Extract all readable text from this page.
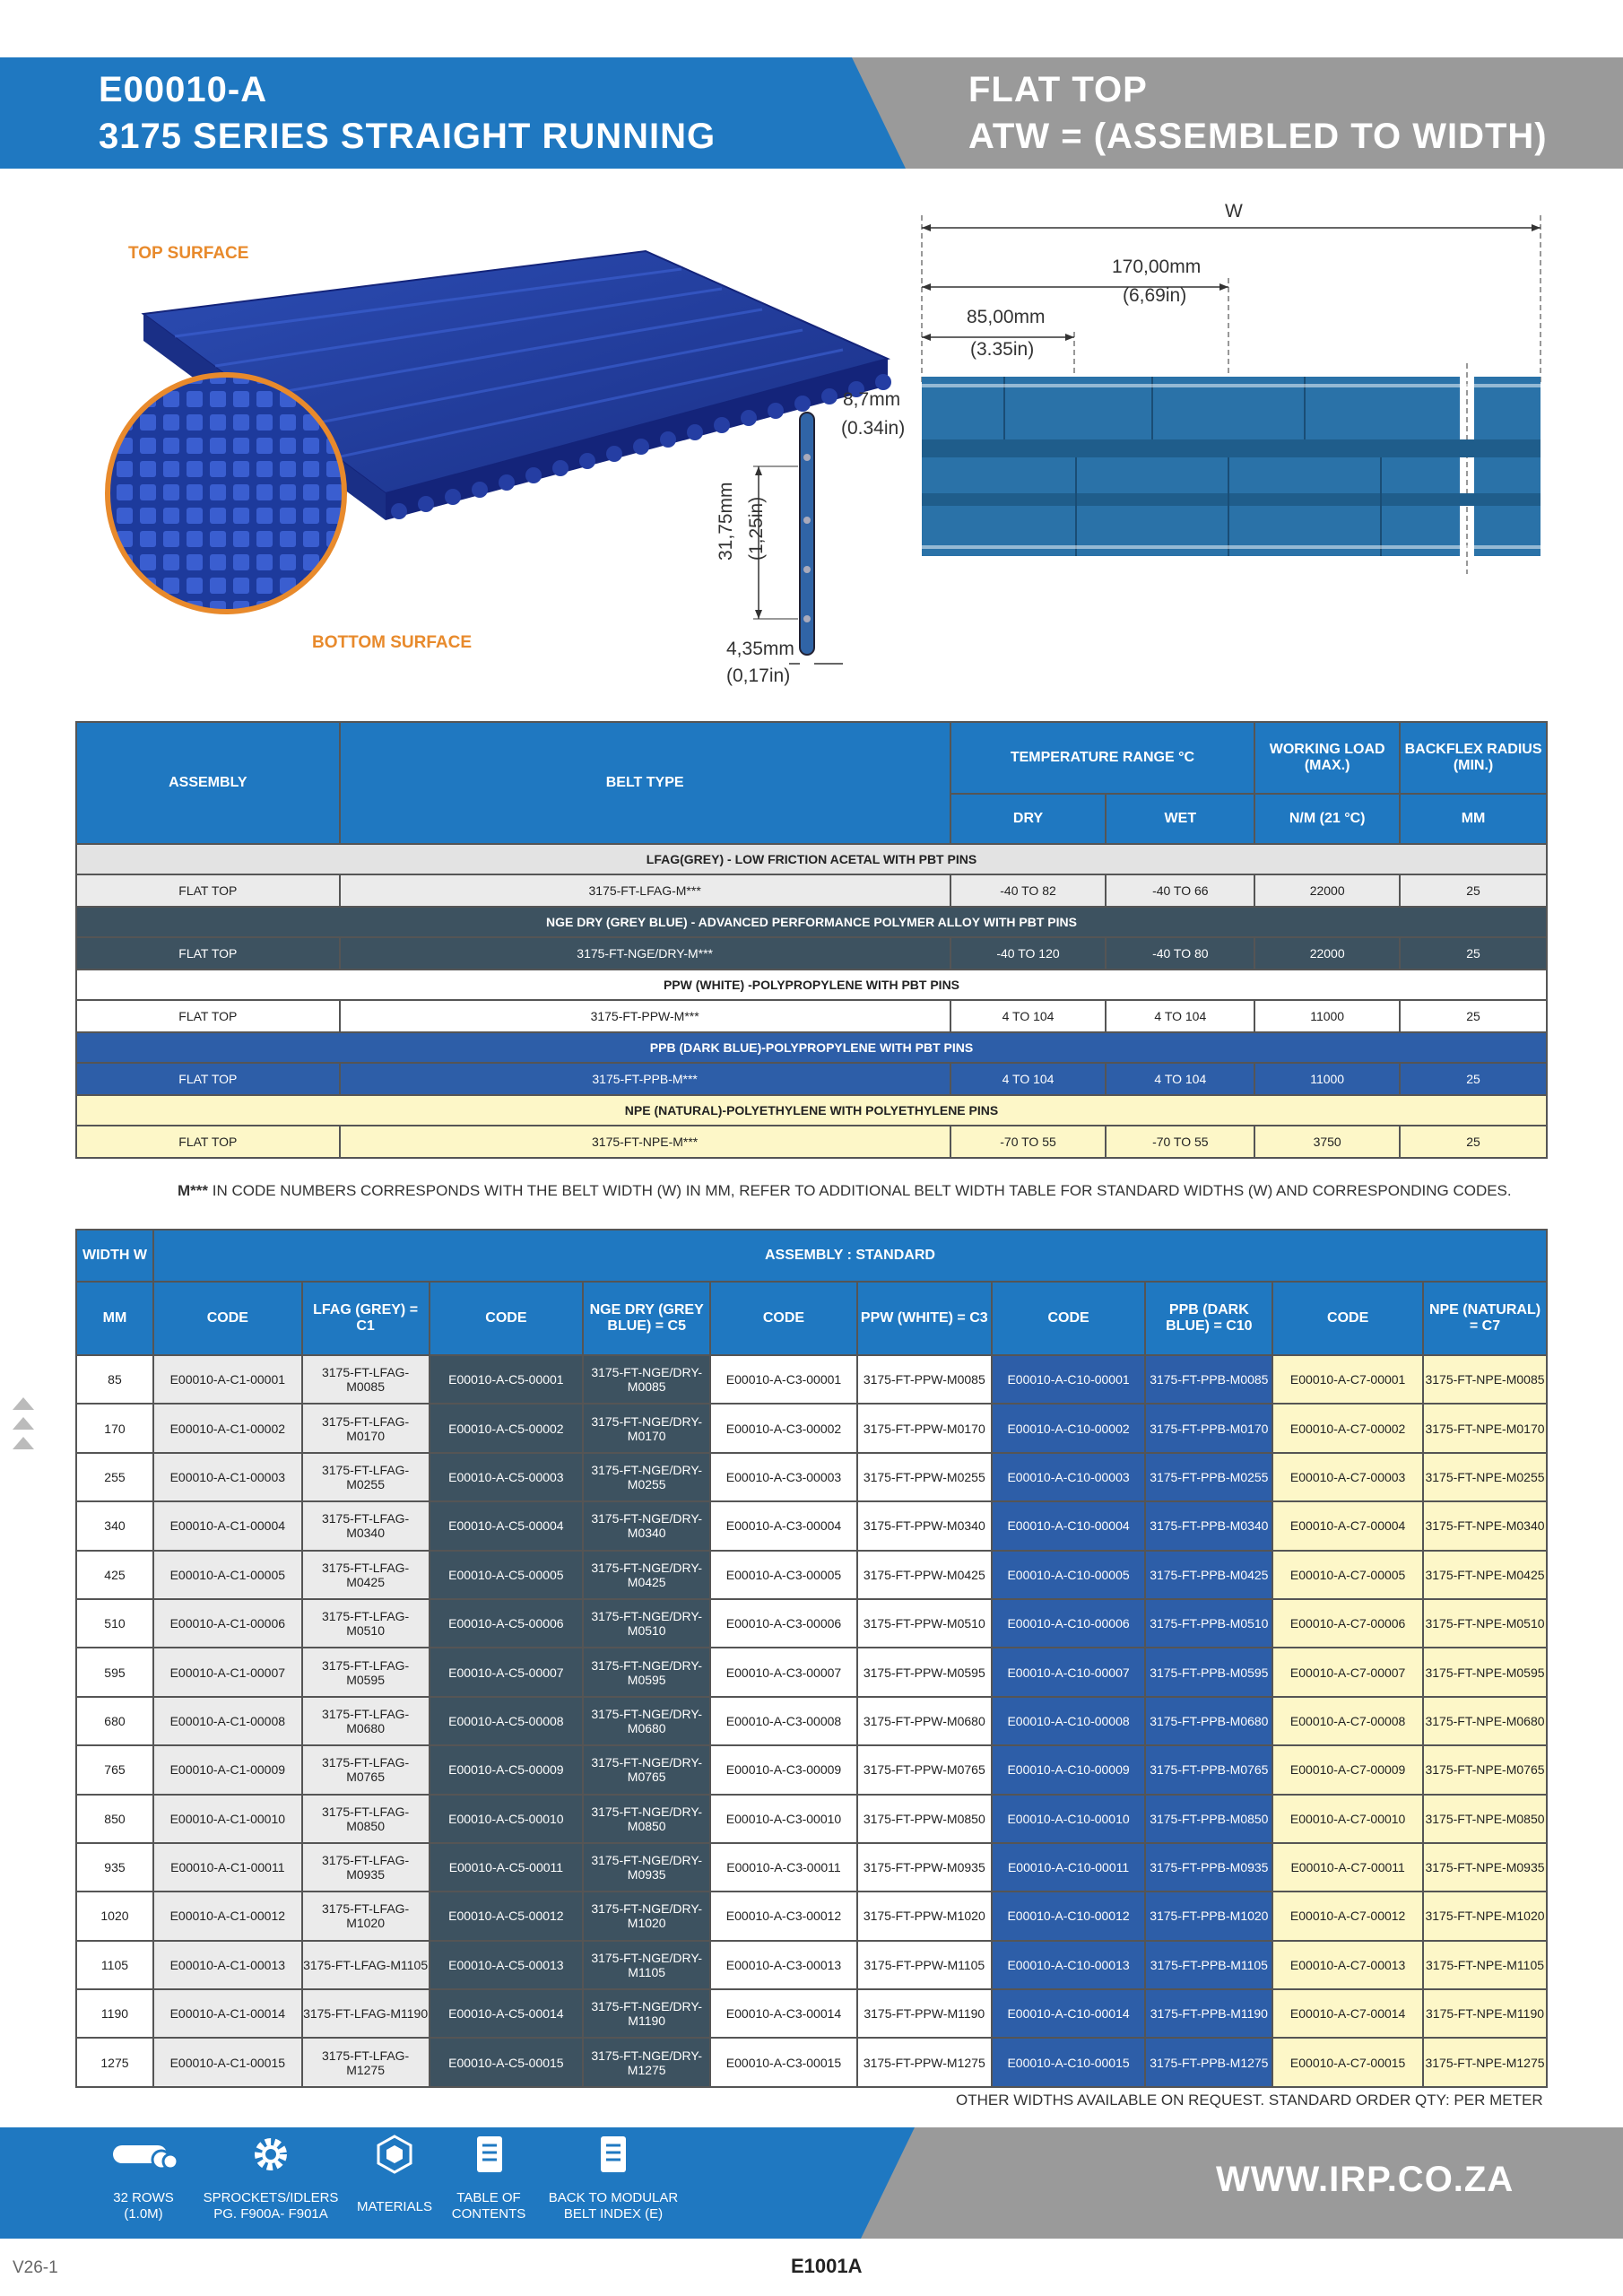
E00010-A
3175 SERIES STRAIGHT RUNNING
FLAT TOP
ATW = (ASSEMBLED TO WIDTH)
TOP SURFACE
BOTTOM SURFACE
8,7mm
(0.34in)
31,75mm (1,25in)
4,35mm
(0,17in)
W
170,00mm
(6,69in)
85,00mm
(3.35in)
ASSEMBLY	BELT TYPE	TEMPERATURE RANGE °C		WORKING LOAD (MAX.)	BACKFLEX RADIUS (MIN.)
		DRY	WET	N/M (21 °C)	MM
LFAG(GREY) - LOW FRICTION ACETAL WITH PBT PINS					
FLAT TOP	3175-FT-LFAG-M***	-40 TO 82	-40 TO 66	22000	25
NGE DRY (GREY BLUE) - ADVANCED PERFORMANCE POLYMER ALLOY WITH PBT PINS					
FLAT TOP	3175-FT-NGE/DRY-M***	-40 TO 120	-40 TO 80	22000	25
PPW (WHITE) -POLYPROPYLENE WITH PBT PINS					
FLAT TOP	3175-FT-PPW-M***	4 TO 104	4 TO 104	11000	25
PPB (DARK BLUE)-POLYPROPYLENE WITH PBT PINS					
FLAT TOP	3175-FT-PPB-M***	4 TO 104	4 TO 104	11000	25
NPE (NATURAL)-POLYETHYLENE WITH POLYETHYLENE PINS					
FLAT TOP	3175-FT-NPE-M***	-70 TO 55	-70 TO 55	3750	25
M*** IN CODE NUMBERS CORRESPONDS WITH THE BELT WIDTH (W) IN MM, REFER TO ADDITIONAL BELT WIDTH TABLE FOR STANDARD WIDTHS (W) AND CORRESPONDING CODES.
WIDTH W	ASSEMBLY : STANDARD									
MM	CODE	LFAG (GREY) = C1	CODE	NGE DRY (GREY BLUE) = C5	CODE	PPW (WHITE) = C3	CODE	PPB (DARK BLUE) = C10	CODE	NPE (NATURAL) = C7
85	E00010-A-C1-00001	3175-FT-LFAG-M0085	E00010-A-C5-00001	3175-FT-NGE/DRY-M0085	E00010-A-C3-00001	3175-FT-PPW-M0085	E00010-A-C10-00001	3175-FT-PPB-M0085	E00010-A-C7-00001	3175-FT-NPE-M0085
170	E00010-A-C1-00002	3175-FT-LFAG-M0170	E00010-A-C5-00002	3175-FT-NGE/DRY-M0170	E00010-A-C3-00002	3175-FT-PPW-M0170	E00010-A-C10-00002	3175-FT-PPB-M0170	E00010-A-C7-00002	3175-FT-NPE-M0170
255	E00010-A-C1-00003	3175-FT-LFAG-M0255	E00010-A-C5-00003	3175-FT-NGE/DRY-M0255	E00010-A-C3-00003	3175-FT-PPW-M0255	E00010-A-C10-00003	3175-FT-PPB-M0255	E00010-A-C7-00003	3175-FT-NPE-M0255
340	E00010-A-C1-00004	3175-FT-LFAG-M0340	E00010-A-C5-00004	3175-FT-NGE/DRY-M0340	E00010-A-C3-00004	3175-FT-PPW-M0340	E00010-A-C10-00004	3175-FT-PPB-M0340	E00010-A-C7-00004	3175-FT-NPE-M0340
425	E00010-A-C1-00005	3175-FT-LFAG-M0425	E00010-A-C5-00005	3175-FT-NGE/DRY-M0425	E00010-A-C3-00005	3175-FT-PPW-M0425	E00010-A-C10-00005	3175-FT-PPB-M0425	E00010-A-C7-00005	3175-FT-NPE-M0425
510	E00010-A-C1-00006	3175-FT-LFAG-M0510	E00010-A-C5-00006	3175-FT-NGE/DRY-M0510	E00010-A-C3-00006	3175-FT-PPW-M0510	E00010-A-C10-00006	3175-FT-PPB-M0510	E00010-A-C7-00006	3175-FT-NPE-M0510
595	E00010-A-C1-00007	3175-FT-LFAG-M0595	E00010-A-C5-00007	3175-FT-NGE/DRY-M0595	E00010-A-C3-00007	3175-FT-PPW-M0595	E00010-A-C10-00007	3175-FT-PPB-M0595	E00010-A-C7-00007	3175-FT-NPE-M0595
680	E00010-A-C1-00008	3175-FT-LFAG-M0680	E00010-A-C5-00008	3175-FT-NGE/DRY-M0680	E00010-A-C3-00008	3175-FT-PPW-M0680	E00010-A-C10-00008	3175-FT-PPB-M0680	E00010-A-C7-00008	3175-FT-NPE-M0680
765	E00010-A-C1-00009	3175-FT-LFAG-M0765	E00010-A-C5-00009	3175-FT-NGE/DRY-M0765	E00010-A-C3-00009	3175-FT-PPW-M0765	E00010-A-C10-00009	3175-FT-PPB-M0765	E00010-A-C7-00009	3175-FT-NPE-M0765
850	E00010-A-C1-00010	3175-FT-LFAG-M0850	E00010-A-C5-00010	3175-FT-NGE/DRY-M0850	E00010-A-C3-00010	3175-FT-PPW-M0850	E00010-A-C10-00010	3175-FT-PPB-M0850	E00010-A-C7-00010	3175-FT-NPE-M0850
935	E00010-A-C1-00011	3175-FT-LFAG-M0935	E00010-A-C5-00011	3175-FT-NGE/DRY-M0935	E00010-A-C3-00011	3175-FT-PPW-M0935	E00010-A-C10-00011	3175-FT-PPB-M0935	E00010-A-C7-00011	3175-FT-NPE-M0935
1020	E00010-A-C1-00012	3175-FT-LFAG-M1020	E00010-A-C5-00012	3175-FT-NGE/DRY-M1020	E00010-A-C3-00012	3175-FT-PPW-M1020	E00010-A-C10-00012	3175-FT-PPB-M1020	E00010-A-C7-00012	3175-FT-NPE-M1020
1105	E00010-A-C1-00013	3175-FT-LFAG-M1105	E00010-A-C5-00013	3175-FT-NGE/DRY-M1105	E00010-A-C3-00013	3175-FT-PPW-M1105	E00010-A-C10-00013	3175-FT-PPB-M1105	E00010-A-C7-00013	3175-FT-NPE-M1105
1190	E00010-A-C1-00014	3175-FT-LFAG-M1190	E00010-A-C5-00014	3175-FT-NGE/DRY-M1190	E00010-A-C3-00014	3175-FT-PPW-M1190	E00010-A-C10-00014	3175-FT-PPB-M1190	E00010-A-C7-00014	3175-FT-NPE-M1190
1275	E00010-A-C1-00015	3175-FT-LFAG-M1275	E00010-A-C5-00015	3175-FT-NGE/DRY-M1275	E00010-A-C3-00015	3175-FT-PPW-M1275	E00010-A-C10-00015	3175-FT-PPB-M1275	E00010-A-C7-00015	3175-FT-NPE-M1275
OTHER WIDTHS AVAILABLE ON REQUEST. STANDARD ORDER QTY: PER METER
32 ROWS (1.0M)
SPROCKETS/IDLERS PG. F900A- F901A	MATERIALS
TABLE OF CONTENTS
BACK TO MODULAR BELT INDEX (E)
WWW.IRP.CO.ZA
V26-1	E1001A
